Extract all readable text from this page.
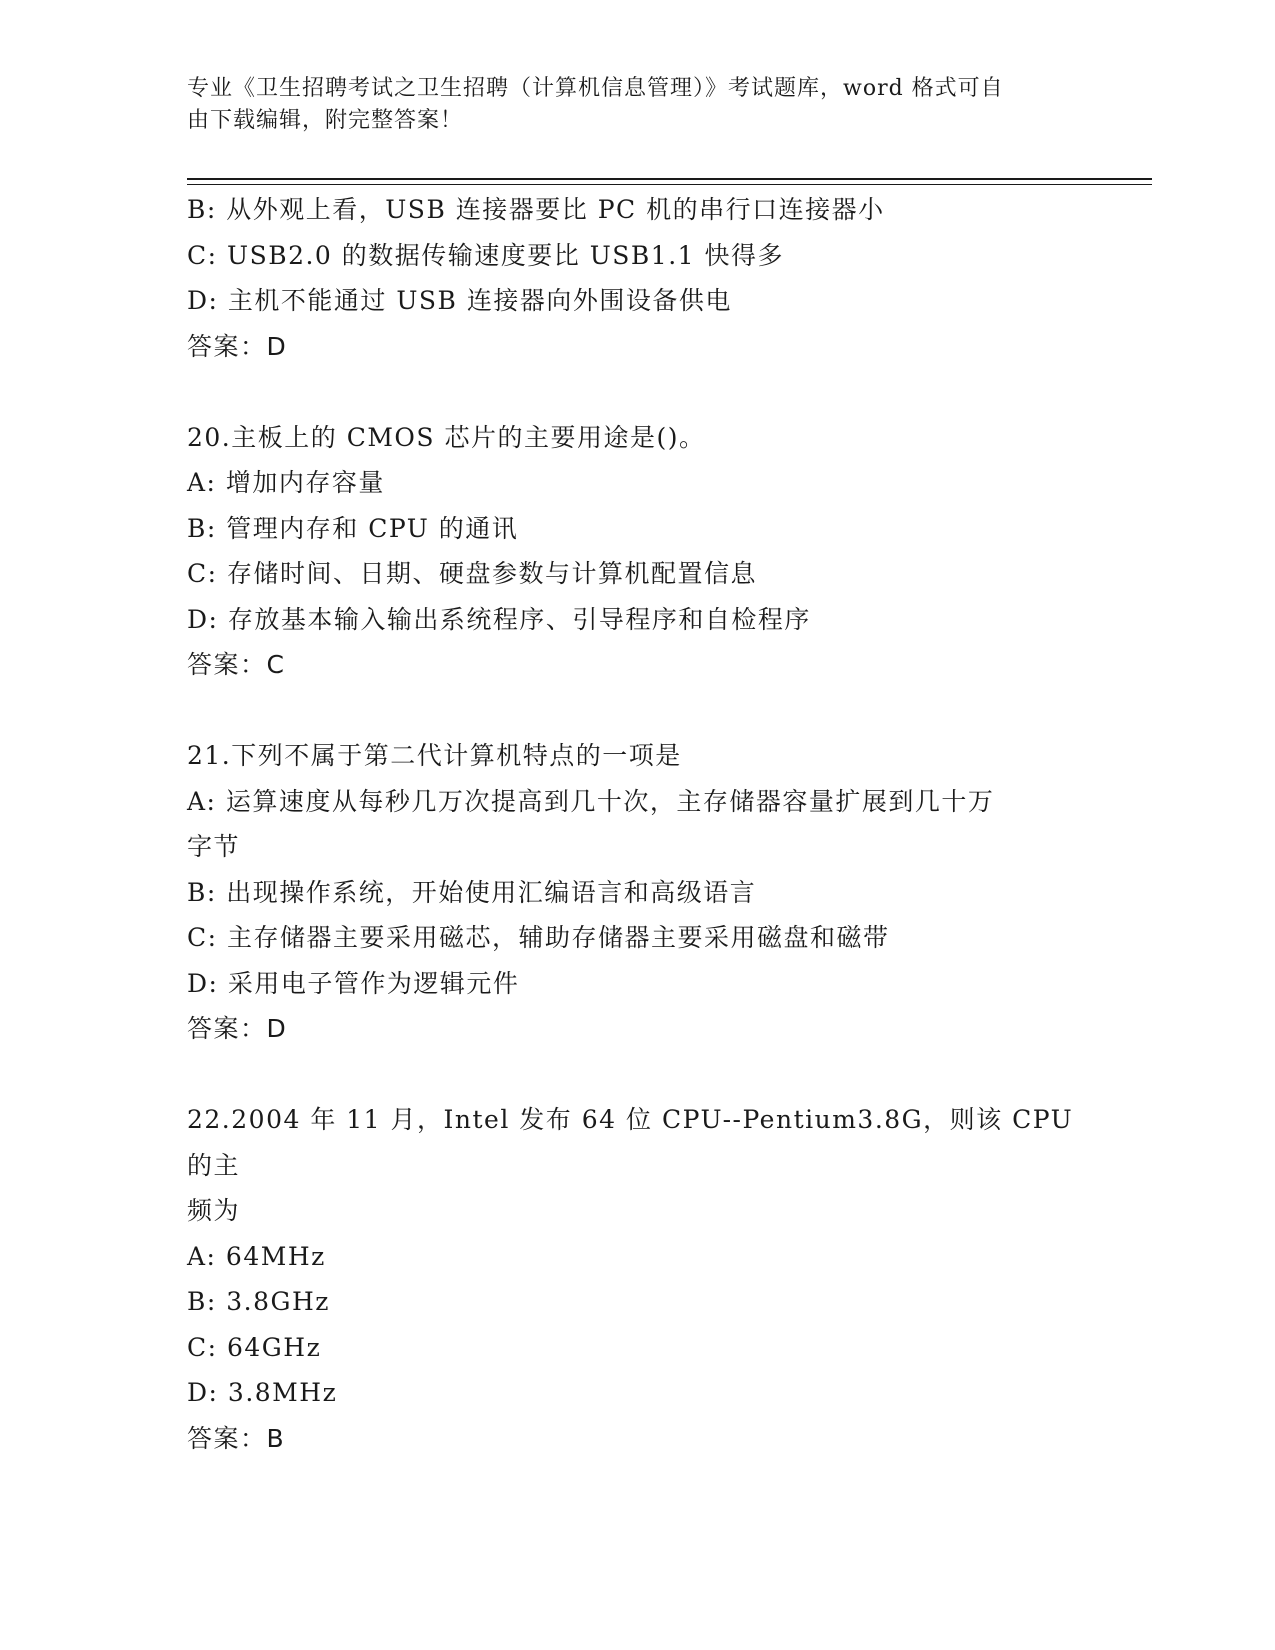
专业《卫生招聘考试之卫生招聘（计算机信息管理）》考试题库，word 格式可自
由下载编辑，附完整答案！
B: 从外观上看，USB 连接器要比 PC 机的串行口连接器小
C: USB2.0 的数据传输速度要比 USB1.1 快得多
D: 主机不能通过 USB 连接器向外围设备供电
答案：D
20.主板上的 CMOS 芯片的主要用途是()。
A: 增加内存容量
B: 管理内存和 CPU 的通讯
C: 存储时间、日期、硬盘参数与计算机配置信息
D: 存放基本输入输出系统程序、引导程序和自检程序
答案：C
21.下列不属于第二代计算机特点的一项是
A: 运算速度从每秒几万次提高到几十次，主存储器容量扩展到几十万
字节
B: 出现操作系统，开始使用汇编语言和高级语言
C: 主存储器主要采用磁芯，辅助存储器主要采用磁盘和磁带
D: 采用电子管作为逻辑元件
答案：D
22.2004 年 11 月，Intel 发布 64 位 CPU--Pentium3.8G，则该 CPU 的主
频为
A: 64MHz
B: 3.8GHz
C: 64GHz
D: 3.8MHz
答案：B
